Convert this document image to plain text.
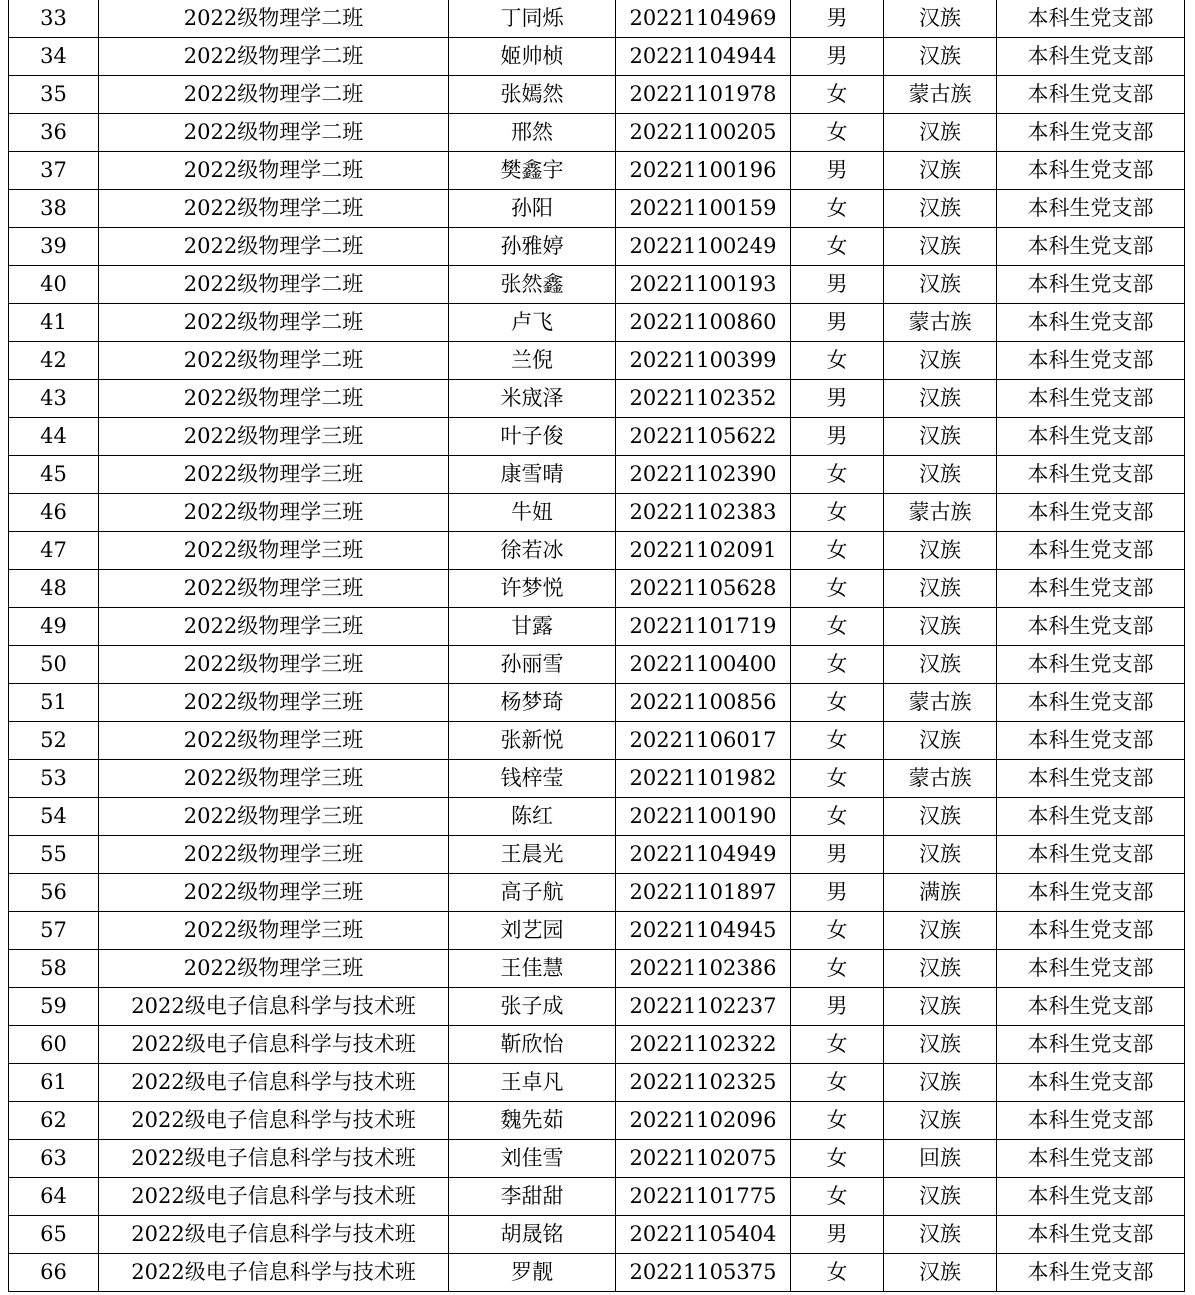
33	2022级物理学二班	丁同烁	20221104969	男	汉族	本科生党支部
34	2022级物理学二班	姬帅桢	20221104944	男	汉族	本科生党支部
35	2022级物理学二班	张嫣然	20221101978	女	蒙古族	本科生党支部
36	2022级物理学二班	邢然	20221100205	女	汉族	本科生党支部
37	2022级物理学二班	樊鑫宇	20221100196	男	汉族	本科生党支部
38	2022级物理学二班	孙阳	20221100159	女	汉族	本科生党支部
39	2022级物理学二班	孙雅婷	20221100249	女	汉族	本科生党支部
40	2022级物理学二班	张然鑫	20221100193	男	汉族	本科生党支部
41	2022级物理学二班	卢飞	20221100860	男	蒙古族	本科生党支部
42	2022级物理学二班	兰倪	20221100399	女	汉族	本科生党支部
43	2022级物理学二班	米宬泽	20221102352	男	汉族	本科生党支部
44	2022级物理学三班	叶子俊	20221105622	男	汉族	本科生党支部
45	2022级物理学三班	康雪晴	20221102390	女	汉族	本科生党支部
46	2022级物理学三班	牛妞	20221102383	女	蒙古族	本科生党支部
47	2022级物理学三班	徐若冰	20221102091	女	汉族	本科生党支部
48	2022级物理学三班	许梦悦	20221105628	女	汉族	本科生党支部
49	2022级物理学三班	甘露	20221101719	女	汉族	本科生党支部
50	2022级物理学三班	孙丽雪	20221100400	女	汉族	本科生党支部
51	2022级物理学三班	杨梦琦	20221100856	女	蒙古族	本科生党支部
52	2022级物理学三班	张新悦	20221106017	女	汉族	本科生党支部
53	2022级物理学三班	钱梓莹	20221101982	女	蒙古族	本科生党支部
54	2022级物理学三班	陈红	20221100190	女	汉族	本科生党支部
55	2022级物理学三班	王晨光	20221104949	男	汉族	本科生党支部
56	2022级物理学三班	高子航	20221101897	男	满族	本科生党支部
57	2022级物理学三班	刘艺园	20221104945	女	汉族	本科生党支部
58	2022级物理学三班	王佳慧	20221102386	女	汉族	本科生党支部
59	2022级电子信息科学与技术班	张子成	20221102237	男	汉族	本科生党支部
60	2022级电子信息科学与技术班	靳欣怡	20221102322	女	汉族	本科生党支部
61	2022级电子信息科学与技术班	王卓凡	20221102325	女	汉族	本科生党支部
62	2022级电子信息科学与技术班	魏先茹	20221102096	女	汉族	本科生党支部
63	2022级电子信息科学与技术班	刘佳雪	20221102075	女	回族	本科生党支部
64	2022级电子信息科学与技术班	李甜甜	20221101775	女	汉族	本科生党支部
65	2022级电子信息科学与技术班	胡晟铭	20221105404	男	汉族	本科生党支部
66	2022级电子信息科学与技术班	罗靓	20221105375	女	汉族	本科生党支部
